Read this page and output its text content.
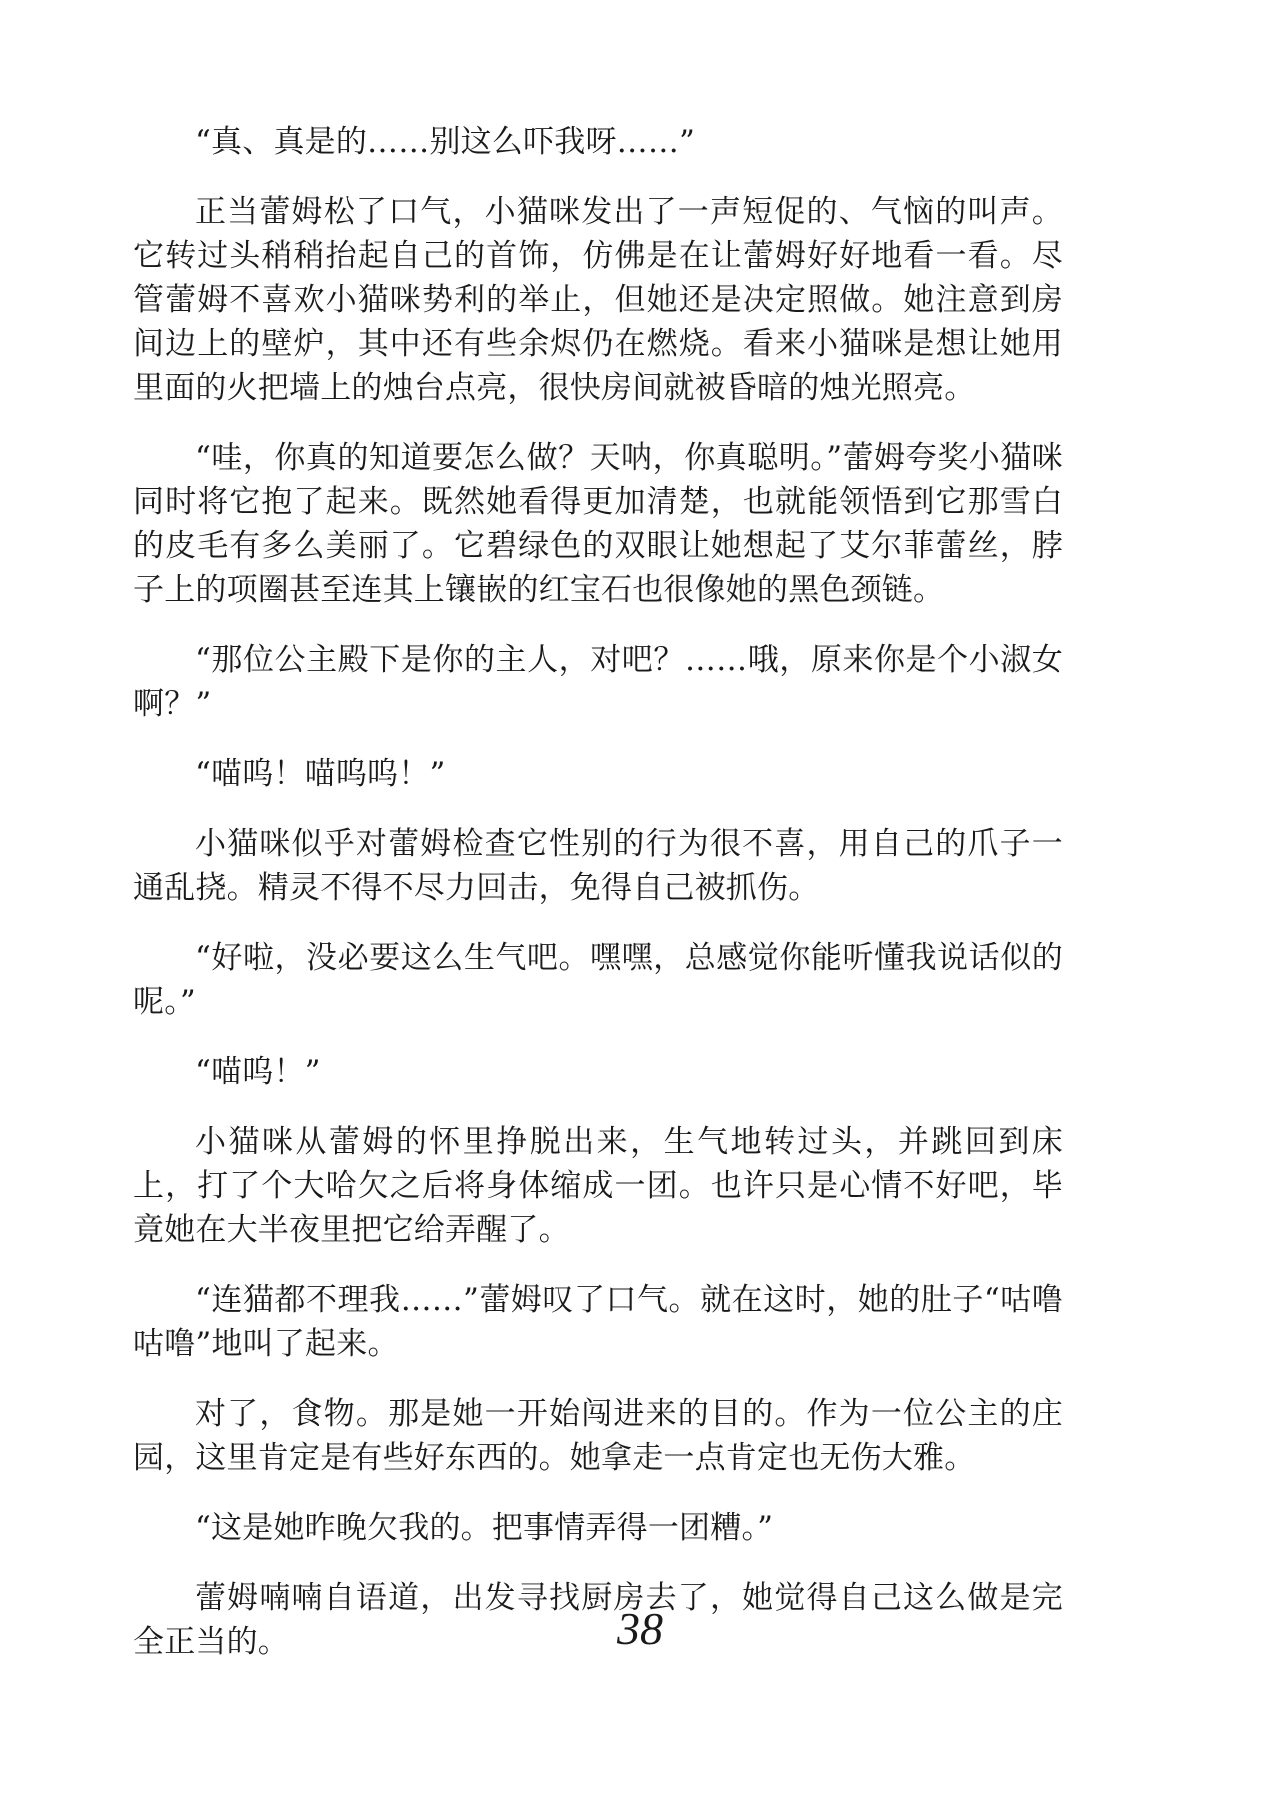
“真、真是的……别这么吓我呀……”

正当蕾姆松了口气，小猫咪发出了一声短促的、气恼的叫声。它转过头稍稍抬起自己的首饰，仿佛是在让蕾姆好好地看一看。尽管蕾姆不喜欢小猫咪势利的举止，但她还是决定照做。她注意到房间边上的壁炉，其中还有些余烬仍在燃烧。看来小猫咪是想让她用里面的火把墙上的烛台点亮，很快房间就被昏暗的烛光照亮。

“哇，你真的知道要怎么做？天呐，你真聪明。”蕾姆夸奖小猫咪同时将它抱了起来。既然她看得更加清楚，也就能领悟到它那雪白的皮毛有多么美丽了。它碧绿色的双眼让她想起了艾尔菲蕾丝，脖子上的项圈甚至连其上镶嵌的红宝石也很像她的黑色颈链。

“那位公主殿下是你的主人，对吧？……哦，原来你是个小淑女啊？”

“喵呜！喵呜呜！”

小猫咪似乎对蕾姆检查它性别的行为很不喜，用自己的爪子一通乱挠。精灵不得不尽力回击，免得自己被抓伤。

“好啦，没必要这么生气吧。嘿嘿，总感觉你能听懂我说话似的呢。”

“喵呜！”

小猫咪从蕾姆的怀里挣脱出来，生气地转过头，并跳回到床上，打了个大哈欠之后将身体缩成一团。也许只是心情不好吧，毕竟她在大半夜里把它给弄醒了。

“连猫都不理我……”蕾姆叹了口气。就在这时，她的肚子“咕噜咕噜”地叫了起来。

对了，食物。那是她一开始闯进来的目的。作为一位公主的庄园，这里肯定是有些好东西的。她拿走一点肯定也无伤大雅。

“这是她昨晚欠我的。把事情弄得一团糟。”

蕾姆喃喃自语道，出发寻找厨房去了，她觉得自己这么做是完全正当的。	38
